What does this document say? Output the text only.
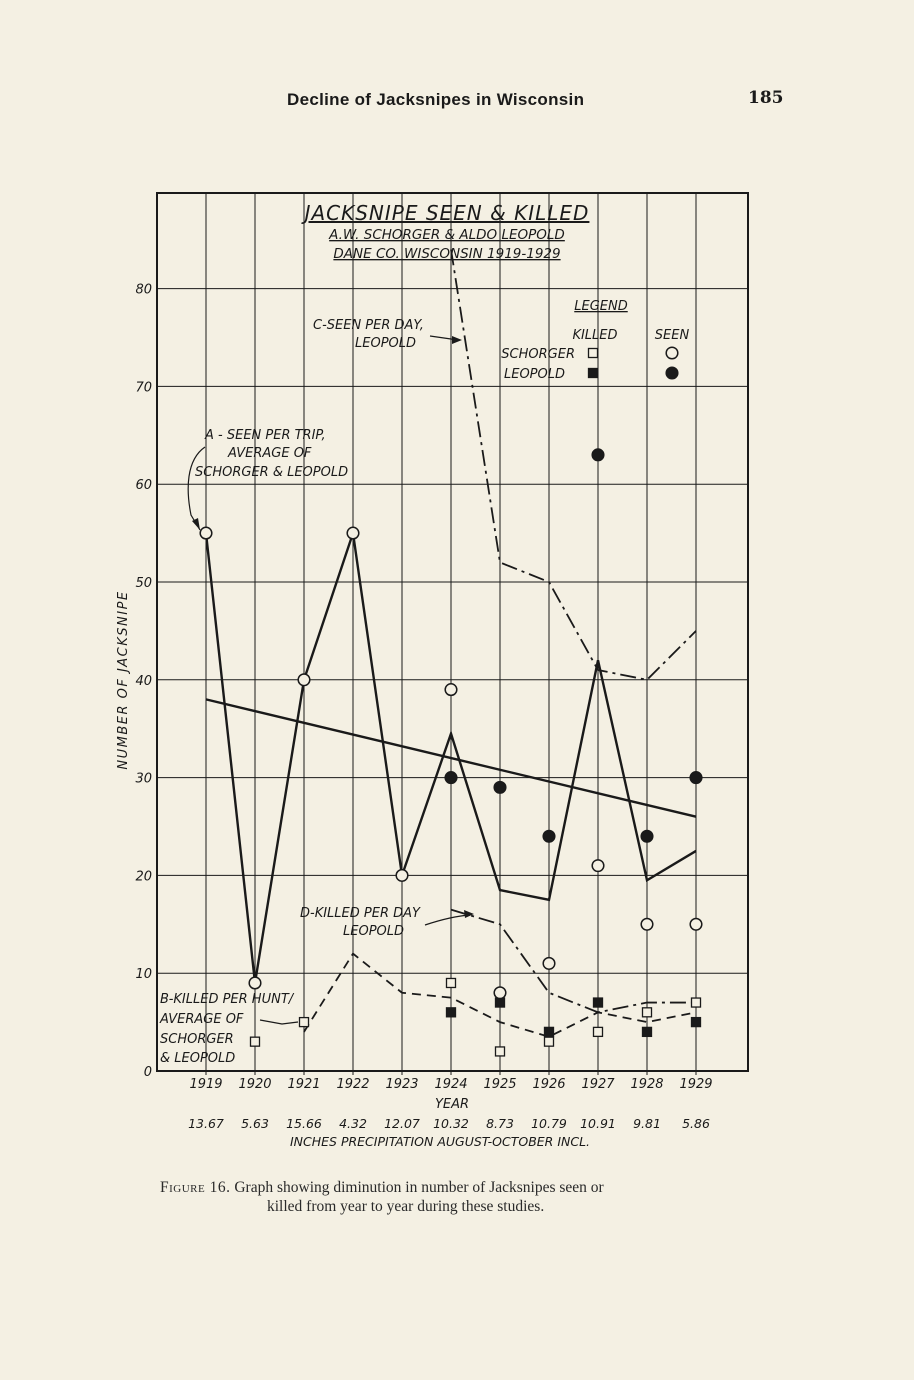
Decline of Jacksnipes in Wisconsin	185
A - SEEN PER TRIP,
AVERAGE OF
SCHORGER & LEOPOLD
B-KILLED PER HUNT/
AVERAGE OF
SCHORGER
& LEOPOLD
C-SEEN PER DAY,
LEOPOLD
D-KILLED PER DAY
LEOPOLD
0
10
20
30
40
50
60
70
80
NUMBER OF JACKSNIPE
1919 1920 1921 1922 1923 1924 1925 1926 1927 1928 1929
YEAR
13.67 5.63 15.66 4.32 12.07 10.32 8.73 10.79 10.91 9.81 5.86
INCHES PRECIPITATION AUGUST-OCTOBER INCL.
JACKSNIPE SEEN & KILLED
A.W. SCHORGER & ALDO LEOPOLD
DANE CO. WISCONSIN 1919-1929
LEGEND
KILLED	SEEN
SCHORGER
LEOPOLD
Figure 16. Graph showing diminution in number of Jacksnipes seen or
killed from year to year during these studies.
